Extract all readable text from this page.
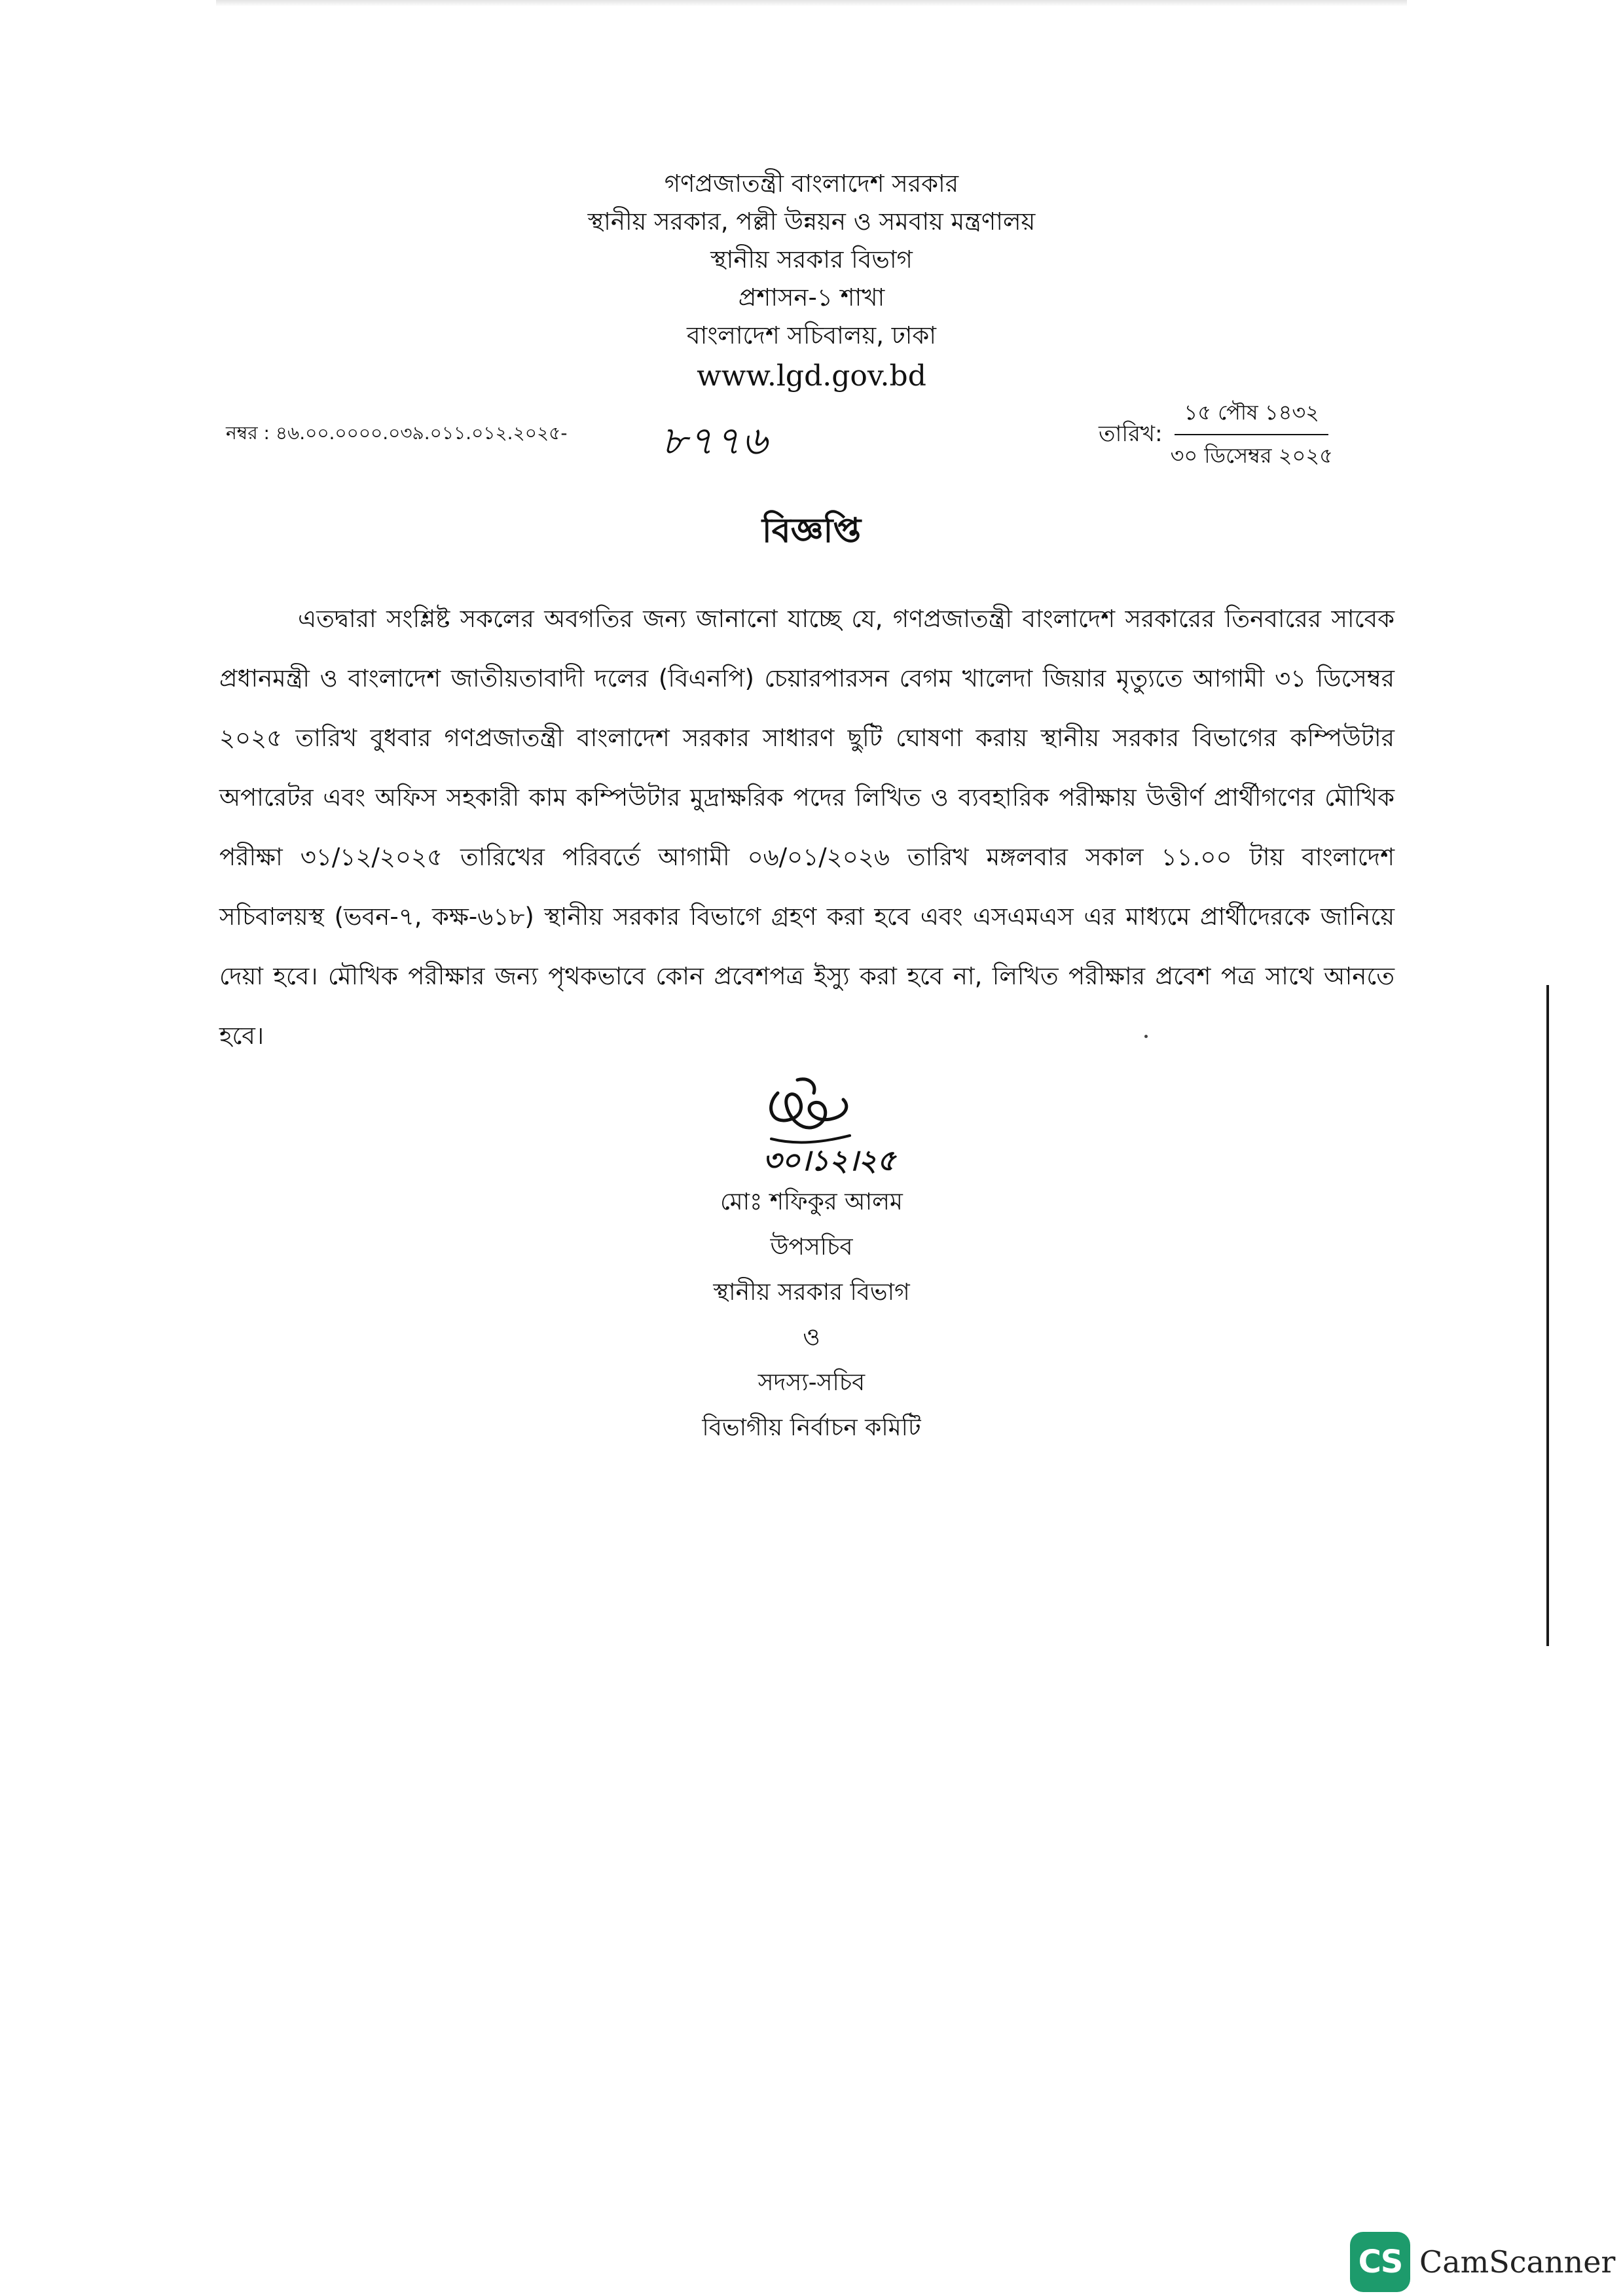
গণপ্রজাতন্ত্রী বাংলাদেশ সরকার
স্থানীয় সরকার, পল্লী উন্নয়ন ও সমবায় মন্ত্রণালয়
স্থানীয় সরকার বিভাগ
প্রশাসন-১ শাখা
বাংলাদেশ সচিবালয়, ঢাকা
www.lgd.gov.bd
নম্বর : ৪৬.০০.০০০০.০৩৯.০১১.০১২.২০২৫- ৮৭৭৬	তারিখ: $\frac{\text{১৫ পৌষ ১৪৩২}}{\text{৩০ ডিসেম্বর ২০২৫}}$
বিজ্ঞপ্তি
এতদ্বারা সংশ্লিষ্ট সকলের অবগতির জন্য জানানো যাচ্ছে যে, গণপ্রজাতন্ত্রী বাংলাদেশ সরকারের তিনবারের সাবেক প্রধানমন্ত্রী ও বাংলাদেশ জাতীয়তাবাদী দলের (বিএনপি) চেয়ারপারসন বেগম খালেদা জিয়ার মৃত্যুতে আগামী ৩১ ডিসেম্বর ২০২৫ তারিখ বুধবার গণপ্রজাতন্ত্রী বাংলাদেশ সরকার সাধারণ ছুটি ঘোষণা করায় স্থানীয় সরকার বিভাগের কম্পিউটার অপারেটর এবং অফিস সহকারী কাম কম্পিউটার মুদ্রাক্ষরিক পদের লিখিত ও ব্যবহারিক পরীক্ষায় উত্তীর্ণ প্রার্থীগণের মৌখিক পরীক্ষা ৩১/১২/২০২৫ তারিখের পরিবর্তে আগামী ০৬/০১/২০২৬ তারিখ মঙ্গলবার সকাল ১১.০০ টায় বাংলাদেশ সচিবালয়স্থ (ভবন-৭, কক্ষ-৬১৮) স্থানীয় সরকার বিভাগে গ্রহণ করা হবে এবং এসএমএস এর মাধ্যমে প্রার্থীদেরকে জানিয়ে দেয়া হবে। মৌখিক পরীক্ষার জন্য পৃথকভাবে কোন প্রবেশপত্র ইস্যু করা হবে না, লিখিত পরীক্ষার প্রবেশ পত্র সাথে আনতে হবে।
৩০।১২।২৫
মোঃ শফিকুর আলম
উপসচিব
স্থানীয় সরকার বিভাগ
ও
সদস্য-সচিব
বিভাগীয় নির্বাচন কমিটি
CS CamScanner
